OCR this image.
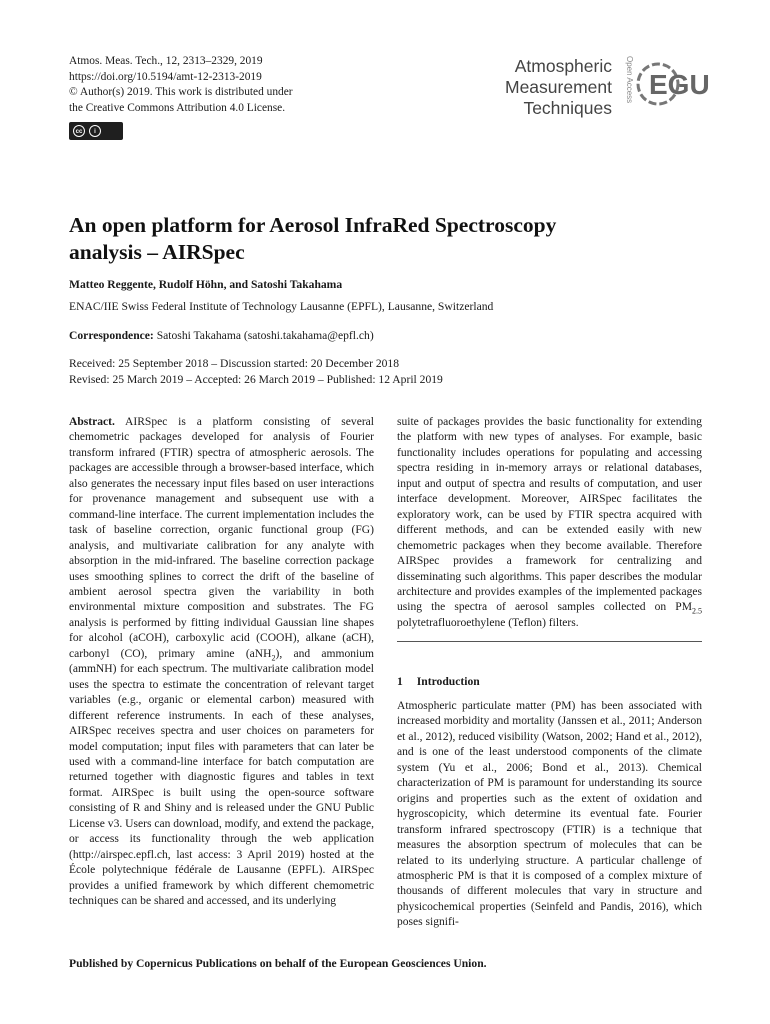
Atmos. Meas. Tech., 12, 2313–2329, 2019
https://doi.org/10.5194/amt-12-2313-2019
© Author(s) 2019. This work is distributed under
the Creative Commons Attribution 4.0 License.
cc	i
Atmospheric
Measurement
Techniques
Open Access EGU
An open platform for Aerosol InfraRed Spectroscopy
analysis – AIRSpec
Matteo Reggente, Rudolf Höhn, and Satoshi Takahama
ENAC/IIE Swiss Federal Institute of Technology Lausanne (EPFL), Lausanne, Switzerland
Correspondence: Satoshi Takahama (satoshi.takahama@epfl.ch)
Received: 25 September 2018 – Discussion started: 20 December 2018
Revised: 25 March 2019 – Accepted: 26 March 2019 – Published: 12 April 2019

Abstract. AIRSpec is a platform consisting of several chemometric packages developed for analysis of Fourier transform infrared (FTIR) spectra of atmospheric aerosols. The packages are accessible through a browser-based interface, which also generates the necessary input files based on user interactions for provenance management and subsequent use with a command-line interface. The current implementation includes the task of baseline correction, organic functional group (FG) analysis, and multivariate calibration for any analyte with absorption in the mid-infrared. The baseline correction package uses smoothing splines to correct the drift of the baseline of ambient aerosol spectra given the variability in both environmental mixture composition and substrates. The FG analysis is performed by fitting individual Gaussian line shapes for alcohol (aCOH), carboxylic acid (COOH), alkane (aCH), carbonyl (CO), primary amine (aNH$_2$), and ammonium (ammNH) for each spectrum. The multivariate calibration model uses the spectra to estimate the concentration of relevant target variables (e.g., organic or elemental carbon) measured with different reference instruments. In each of these analyses, AIRSpec receives spectra and user choices on parameters for model computation; input files with parameters that can later be used with a command-line interface for batch computation are returned together with diagnostic figures and tables in text format. AIRSpec is built using the open-source software consisting of R and Shiny and is released under the GNU Public License v3. Users can download, modify, and extend the package, or access its functionality through the web application (http://airspec.epfl.ch, last access: 3 April 2019) hosted at the École polytechnique fédérale de Lausanne (EPFL). AIRSpec provides a unified framework by which different chemometric techniques can be shared and accessed, and its underlying

suite of packages provides the basic functionality for extending the platform with new types of analyses. For example, basic functionality includes operations for populating and accessing spectra residing in in-memory arrays or relational databases, input and output of spectra and results of computation, and user interface development. Moreover, AIRSpec facilitates the exploratory work, can be used by FTIR spectra acquired with different methods, and can be extended easily with new chemometric packages when they become available. Therefore AIRSpec provides a framework for centralizing and disseminating such algorithms. This paper describes the modular architecture and provides examples of the implemented packages using the spectra of aerosol samples collected on $PM_{2.5}$ polytetrafluoroethylene (Teflon) filters.

1 Introduction

Atmospheric particulate matter (PM) has been associated with increased morbidity and mortality (Janssen et al., 2011; Anderson et al., 2012), reduced visibility (Watson, 2002; Hand et al., 2012), and is one of the least understood components of the climate system (Yu et al., 2006; Bond et al., 2013). Chemical characterization of PM is paramount for understanding its source origins and properties such as the extent of oxidation and hygroscopicity, which determine its eventual fate. Fourier transform infrared spectroscopy (FTIR) is a technique that measures the absorption spectrum of molecules that can be related to its underlying structure. A particular challenge of atmospheric PM is that it is composed of a complex mixture of thousands of different molecules that vary in structure and physicochemical properties (Seinfeld and Pandis, 2016), which poses signifi-

Published by Copernicus Publications on behalf of the European Geosciences Union.
